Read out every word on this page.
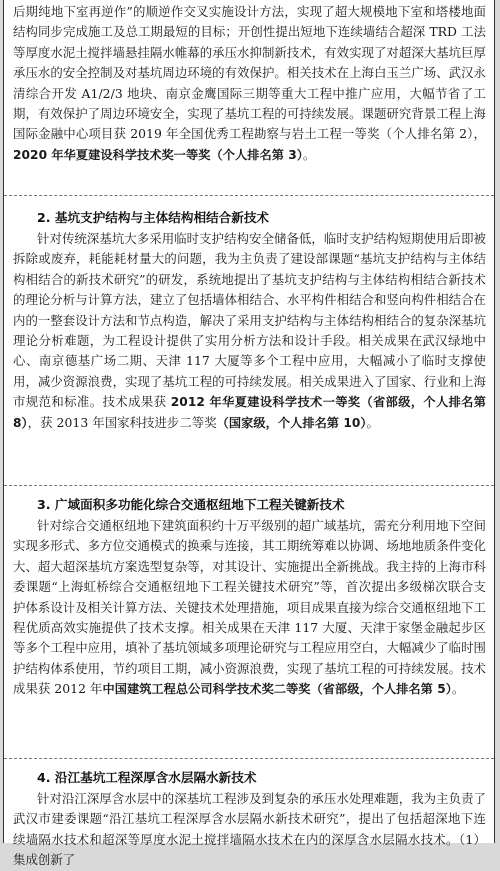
后期纯地下室再逆作”的顺逆作交叉实施设计方法，实现了超大规模地下室和塔楼地面结构同步完成施工及总工期最短的目标；开创性提出短地下连续墙结合超深 TRD 工法等厚度水泥土搅拌墙悬挂隔水帷幕的承压水抑制新技术，有效实现了对超深大基坑巨厚承压水的安全控制及对基坑周边环境的有效保护。相关技术在上海白玉兰广场、武汉永清综合开发 A1/2/3 地块、南京金鹰国际三期等重大工程中推广应用，大幅节省了工期，有效保护了周边环境安全，实现了基坑工程的可持续发展。课题研究背景工程上海国际金融中心项目获 2019 年全国优秀工程勘察与岩土工程一等奖（个人排名第 2），2020 年华夏建设科学技术奖一等奖（个人排名第 3）。
2. 基坑支护结构与主体结构相结合新技术
针对传统深基坑大多采用临时支护结构安全储备低，临时支护结构短期使用后即被拆除或废弃，耗能耗材量大的问题，我为主负责了建设部课题“基坑支护结构与主体结构相结合的新技术研究”的研发，系统地提出了基坑支护结构与主体结构相结合新技术的理论分析与计算方法，建立了包括墙体相结合、水平构件相结合和竖向构件相结合在内的一整套设计方法和节点构造，解决了采用支护结构与主体结构相结合的复杂深基坑理论分析难题，为工程设计提供了实用分析方法和设计手段。相关成果在武汉绿地中心、南京德基广场二期、天津 117 大厦等多个工程中应用，大幅减小了临时支撑使用，减少资源浪费，实现了基坑工程的可持续发展。相关成果进入了国家、行业和上海市规范和标准。技术成果获 2012 年华夏建设科学技术一等奖（省部级，个人排名第 8），获 2013 年国家科技进步二等奖（国家级，个人排名第 10）。
3. 广域面积多功能化综合交通枢纽地下工程关键新技术
针对综合交通枢纽地下建筑面积约十万平级别的超广域基坑，需充分利用地下空间实现多形式、多方位交通模式的换乘与连接，其工期统筹难以协调、场地地质条件变化大、超大超深基坑方案选型复杂等，对其设计、实施提出全新挑战。我主持的上海市科委课题“上海虹桥综合交通枢纽地下工程关键技术研究”等，首次提出多级梯次联合支护体系设计及相关计算方法、关键技术处理措施，项目成果直接为综合交通枢纽地下工程优质高效实施提供了技术支撑。相关成果在天津 117 大厦、天津于家堡金融起步区等多个工程中应用，填补了基坑领域多项理论研究与工程应用空白，大幅减少了临时围护结构体系使用，节约项目工期，减小资源浪费，实现了基坑工程的可持续发展。技术成果获 2012 年中国建筑工程总公司科学技术奖二等奖（省部级，个人排名第 5）。
4. 沿江基坑工程深厚含水层隔水新技术
针对沿江深厚含水层中的深基坑工程涉及到复杂的承压水处理难题，我为主负责了武汉市建委课题“沿江基坑工程深厚含水层隔水新技术研究”，提出了包括超深地下连续墙隔水技术和超深等厚度水泥土搅拌墙隔水技术在内的深厚含水层隔水技术。（1）集成创新了
